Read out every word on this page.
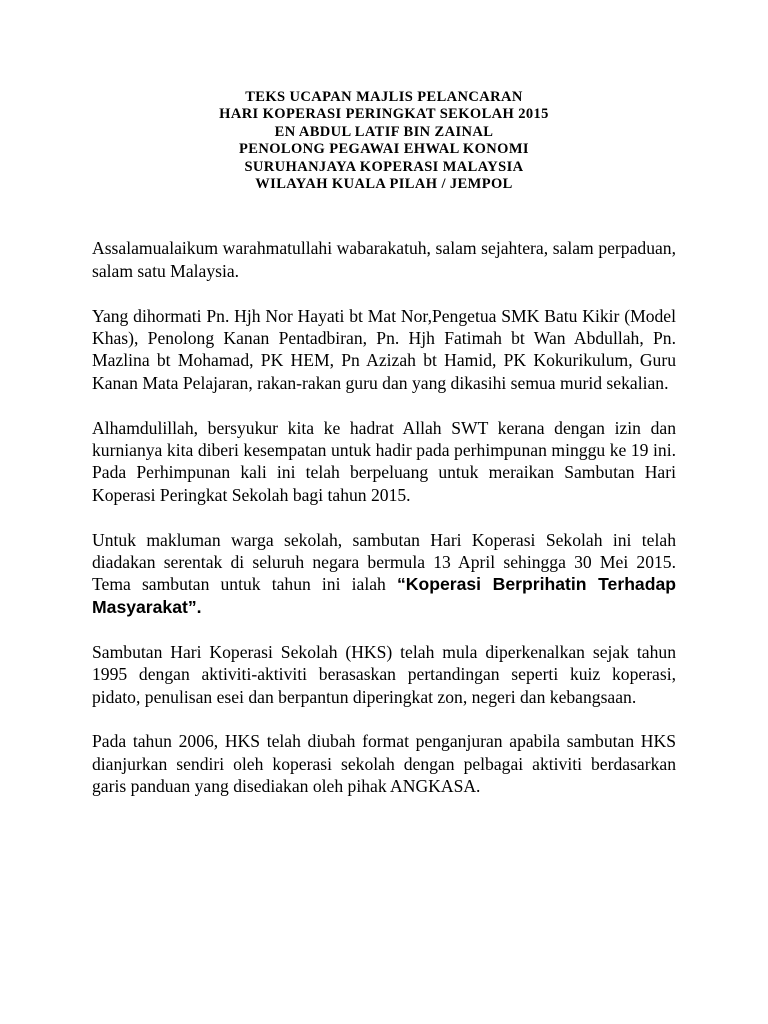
TEKS UCAPAN MAJLIS PELANCARAN
HARI KOPERASI PERINGKAT SEKOLAH 2015
EN ABDUL LATIF BIN ZAINAL
PENOLONG PEGAWAI EHWAL KONOMI
SURUHANJAYA KOPERASI MALAYSIA
WILAYAH KUALA PILAH / JEMPOL

Assalamualaikum warahmatullahi wabarakatuh, salam sejahtera, salam perpaduan, salam satu Malaysia.

Yang dihormati Pn. Hjh Nor Hayati bt Mat Nor,Pengetua SMK Batu Kikir (Model Khas), Penolong Kanan Pentadbiran, Pn. Hjh Fatimah bt Wan Abdullah, Pn. Mazlina bt Mohamad, PK HEM, Pn Azizah bt Hamid, PK Kokurikulum, Guru Kanan Mata Pelajaran, rakan-rakan guru dan yang dikasihi semua murid sekalian.

Alhamdulillah, bersyukur kita ke hadrat Allah SWT kerana dengan izin dan kurnianya kita diberi kesempatan untuk hadir pada perhimpunan minggu ke 19 ini. Pada Perhimpunan kali ini telah berpeluang untuk meraikan Sambutan Hari Koperasi Peringkat Sekolah bagi tahun 2015.

Untuk makluman warga sekolah, sambutan Hari Koperasi Sekolah ini telah diadakan serentak di seluruh negara bermula 13 April sehingga 30 Mei 2015. Tema sambutan untuk tahun ini ialah “Koperasi Berprihatin Terhadap Masyarakat”.

Sambutan Hari Koperasi Sekolah (HKS) telah mula diperkenalkan sejak tahun 1995 dengan aktiviti-aktiviti berasaskan pertandingan seperti kuiz koperasi, pidato, penulisan esei dan berpantun diperingkat zon, negeri dan kebangsaan.

Pada tahun 2006, HKS telah diubah format penganjuran apabila sambutan HKS dianjurkan sendiri oleh koperasi sekolah dengan pelbagai aktiviti berdasarkan garis panduan yang disediakan oleh pihak ANGKASA.
